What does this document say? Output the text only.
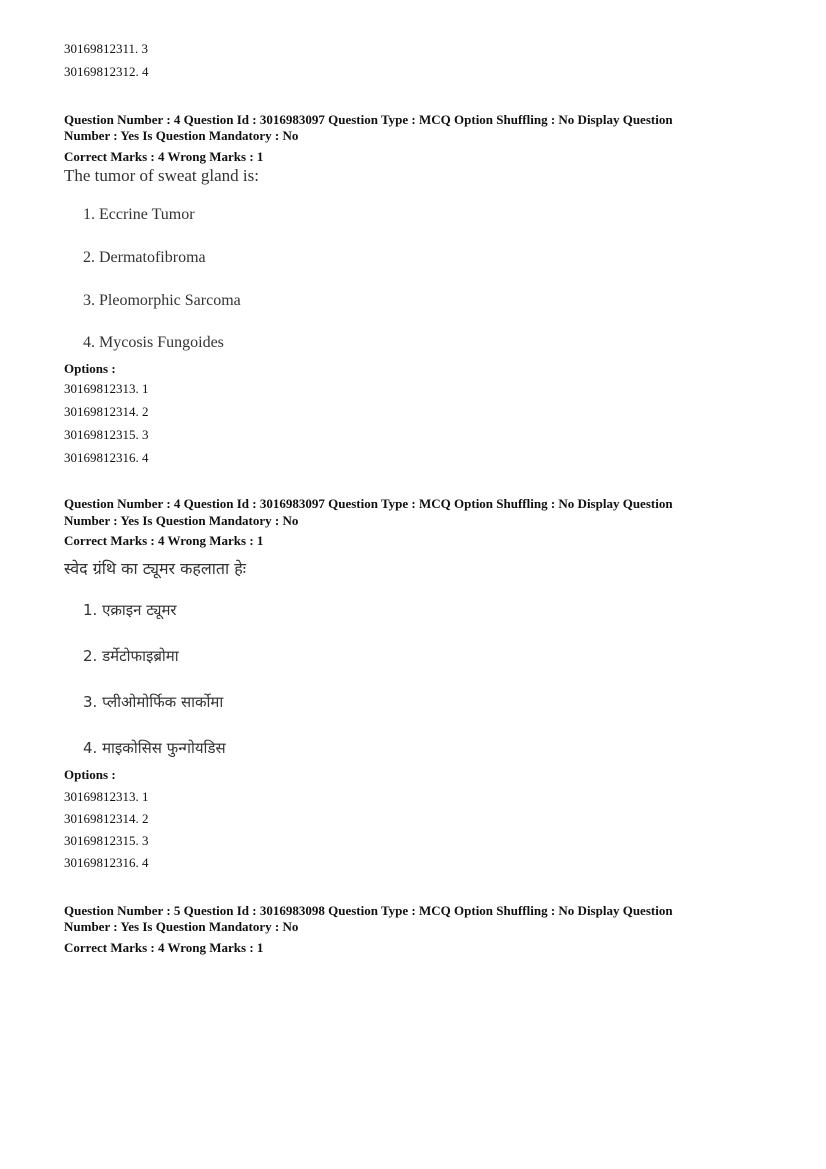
30169812311. 3
30169812312. 4
Question Number : 4 Question Id : 3016983097 Question Type : MCQ Option Shuffling : No Display Question
Number : Yes Is Question Mandatory : No
Correct Marks : 4 Wrong Marks : 1
The tumor of sweat gland is:
1. Eccrine Tumor
2. Dermatofibroma
3. Pleomorphic Sarcoma
4. Mycosis Fungoides
Options :
30169812313. 1
30169812314. 2
30169812315. 3
30169812316. 4
Question Number : 4 Question Id : 3016983097 Question Type : MCQ Option Shuffling : No Display Question
Number : Yes Is Question Mandatory : No
Correct Marks : 4 Wrong Marks : 1
स्वेद ग्रंथि का ट्यूमर कहलाता हेः
1. एक्राइन ट्यूमर
2. डर्मेटोफाइब्रोमा
3. प्लीओमोर्फिक सार्कोमा
4. माइकोसिस फुन्गोयडिस
Options :
30169812313. 1
30169812314. 2
30169812315. 3
30169812316. 4
Question Number : 5 Question Id : 3016983098 Question Type : MCQ Option Shuffling : No Display Question
Number : Yes Is Question Mandatory : No
Correct Marks : 4 Wrong Marks : 1
